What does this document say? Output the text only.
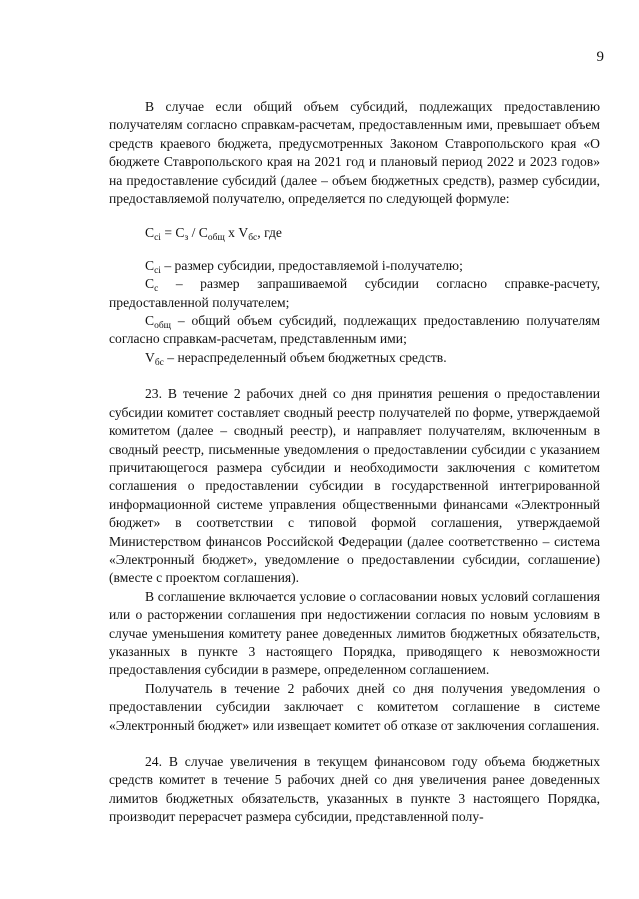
9

В случае если общий объем субсидий, подлежащих предоставлению получателям согласно справкам-расчетам, предоставленным ими, превышает объем средств краевого бюджета, предусмотренных Законом Ставропольского края «О бюджете Ставропольского края на 2021 год и плановый период 2022 и 2023 годов» на предоставление субсидий (далее – объем бюджетных средств), размер субсидии, предоставляемой получателю, определяется по следующей формуле:

$С_{сi} = С_з / С_{общ}$ х $V_{бс}$, где

$С_{сi}$ – размер субсидии, предоставляемой i-получателю;

$С_с$ – размер запрашиваемой субсидии согласно справке-расчету, предоставленной получателем;

$С_{общ}$ – общий объем субсидий, подлежащих предоставлению получателям согласно справкам-расчетам, представленным ими;

$V_{бс}$ – нераспределенный объем бюджетных средств.

23. В течение 2 рабочих дней со дня принятия решения о предоставлении субсидии комитет составляет сводный реестр получателей по форме, утверждаемой комитетом (далее – сводный реестр), и направляет получателям, включенным в сводный реестр, письменные уведомления о предоставлении субсидии с указанием причитающегося размера субсидии и необходимости заключения с комитетом соглашения о предоставлении субсидии в государственной интегрированной информационной системе управления общественными финансами «Электронный бюджет» в соответствии с типовой формой соглашения, утверждаемой Министерством финансов Российской Федерации (далее соответственно – система «Электронный бюджет», уведомление о предоставлении субсидии, соглашение) (вместе с проектом соглашения).

В соглашение включается условие о согласовании новых условий соглашения или о расторжении соглашения при недостижении согласия по новым условиям в случае уменьшения комитету ранее доведенных лимитов бюджетных обязательств, указанных в пункте 3 настоящего Порядка, приводящего к невозможности предоставления субсидии в размере, определенном соглашением.

Получатель в течение 2 рабочих дней со дня получения уведомления о предоставлении субсидии заключает с комитетом соглашение в системе «Электронный бюджет» или извещает комитет об отказе от заключения соглашения.

24. В случае увеличения в текущем финансовом году объема бюджетных средств комитет в течение 5 рабочих дней со дня увеличения ранее доведенных лимитов бюджетных обязательств, указанных в пункте 3 настоящего Порядка, производит перерасчет размера субсидии, представленной полу-
